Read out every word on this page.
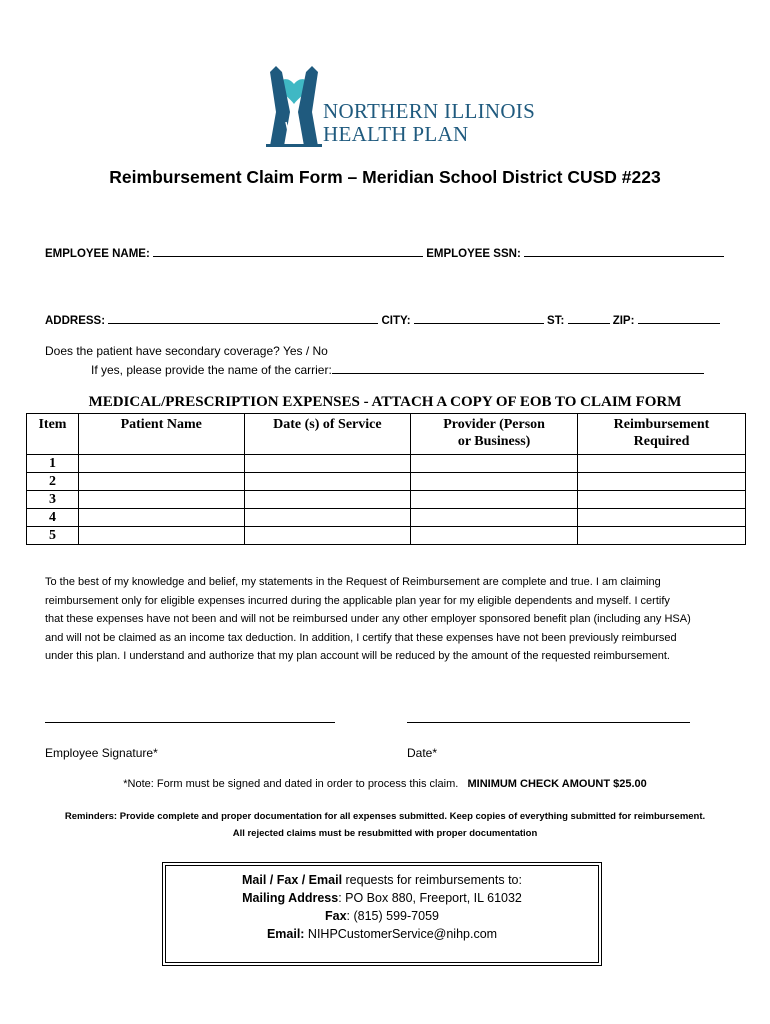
NORTHERN ILLINOIS
HEALTH PLAN
Reimbursement Claim Form – Meridian School District CUSD #223
EMPLOYEE NAME:	EMPLOYEE SSN:
ADDRESS:	CITY:	ST:	ZIP:
Does the patient have secondary coverage? Yes / No
If yes, please provide the name of the carrier:
MEDICAL/PRESCRIPTION EXPENSES - ATTACH A COPY OF EOB TO CLAIM FORM
Item	Patient Name	Date (s) of Service	Provider (Person or Business)	Reimbursement Required
1				
2				
3				
4				
5				

To the best of my knowledge and belief, my statements in the Request of Reimbursement are complete and true. I am claiming

reimbursement only for eligible expenses incurred during the applicable plan year for my eligible dependents and myself. I certify

that these expenses have not been and will not be reimbursed under any other employer sponsored benefit plan (including any HSA)

and will not be claimed as an income tax deduction. In addition, I certify that these expenses have not been previously reimbursed

under this plan. I understand and authorize that my plan account will be reduced by the amount of the requested reimbursement.

Employee Signature*	Date*
*Note: Form must be signed and dated in order to process this claim. MINIMUM CHECK AMOUNT $25.00
Reminders: Provide complete and proper documentation for all expenses submitted. Keep copies of everything submitted for reimbursement.
All rejected claims must be resubmitted with proper documentation
Mail / Fax / Email requests for reimbursements to:
Mailing Address: PO Box 880, Freeport, IL 61032
Fax: (815) 599-7059
Email: NIHPCustomerService@nihp.com
